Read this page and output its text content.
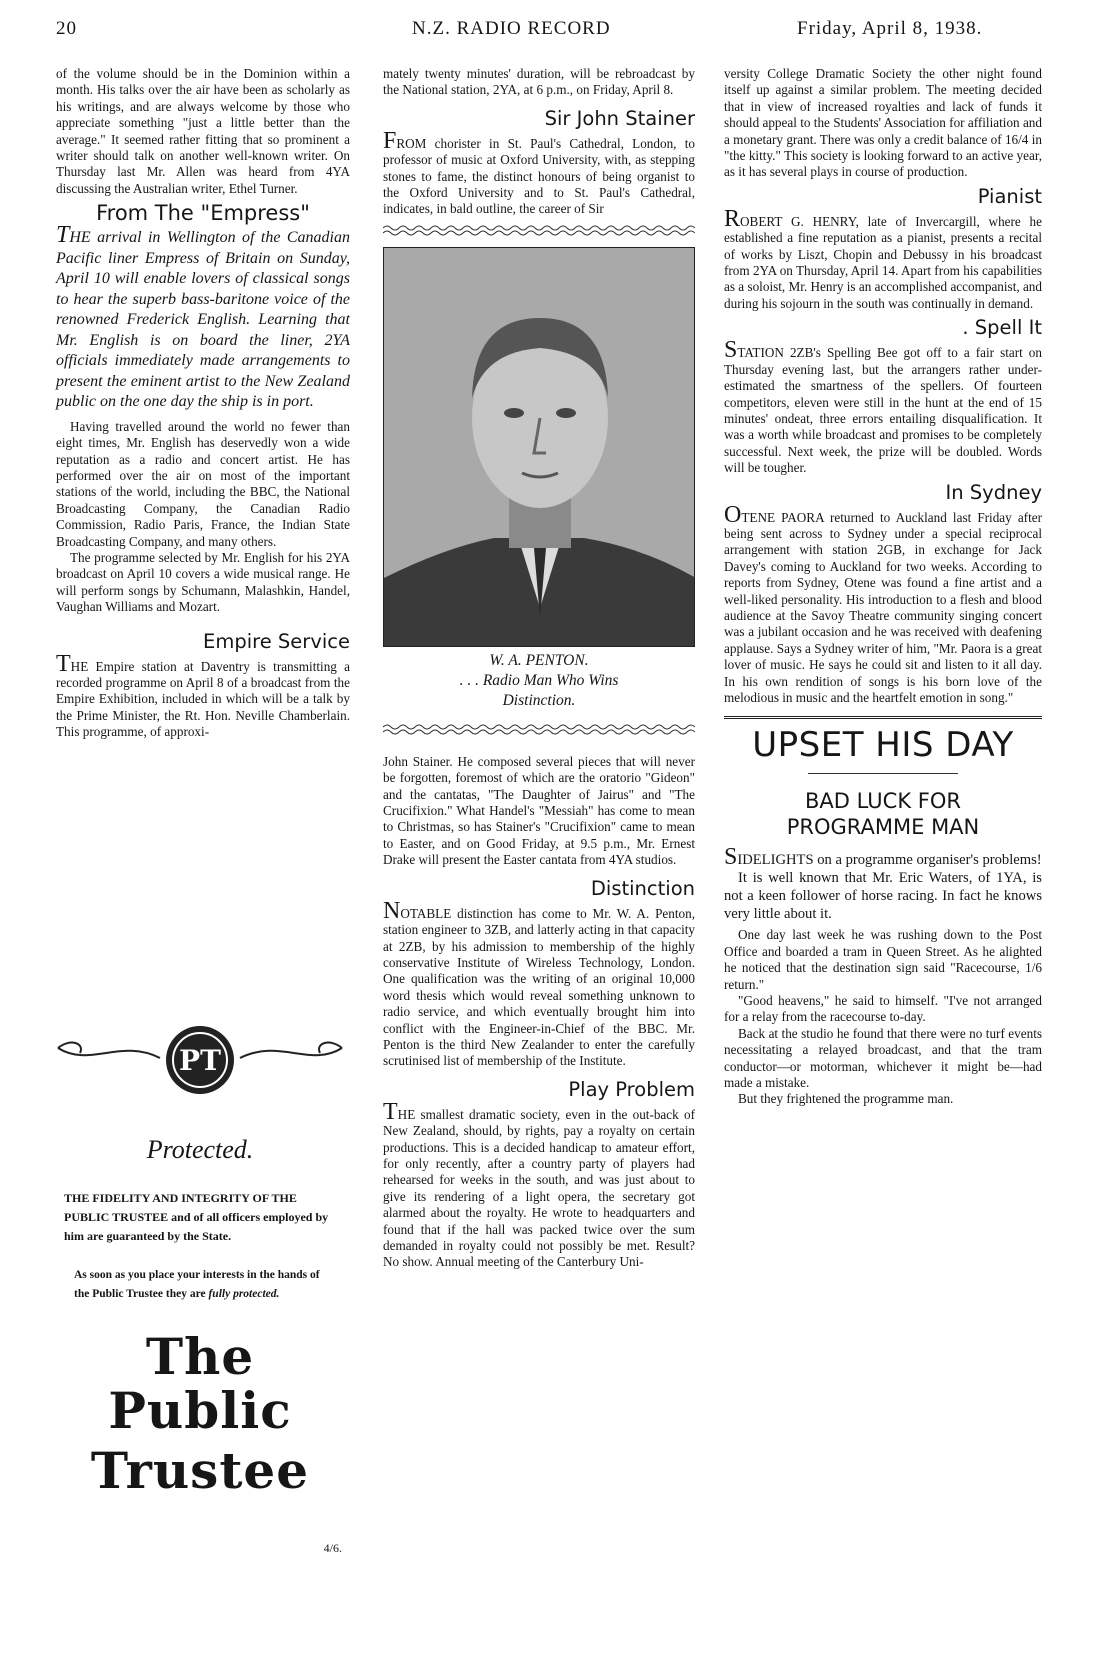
20	N.Z. RADIO RECORD	Friday, April 8, 1938.

of the volume should be in the Dominion within a month. His talks over the air have been as scholarly as his writings, and are always welcome by those who appreciate something "just a little better than the average." It seemed rather fitting that so prominent a writer should talk on another well-known writer. On Thursday last Mr. Allen was heard from 4YA discussing the Australian writer, Ethel Turner.

From The "Empress"

THE arrival in Wellington of the Canadian Pacific liner Empress of Britain on Sunday, April 10 will enable lovers of classical songs to hear the superb bass-baritone voice of the renowned Frederick English. Learning that Mr. English is on board the liner, 2YA officials immediately made arrangements to present the eminent artist to the New Zealand public on the one day the ship is in port.

Having travelled around the world no fewer than eight times, Mr. English has deservedly won a wide reputation as a radio and concert artist. He has performed over the air on most of the important stations of the world, including the BBC, the National Broadcasting Company, the Canadian Radio Commission, Radio Paris, France, the Indian State Broadcasting Company, and many others.

The programme selected by Mr. English for his 2YA broadcast on April 10 covers a wide musical range. He will perform songs by Schumann, Malashkin, Handel, Vaughan Williams and Mozart.

Empire Service

THE Empire station at Daventry is transmitting a recorded programme on April 8 of a broadcast from the Empire Exhibition, included in which will be a talk by the Prime Minister, the Rt. Hon. Neville Chamberlain. This programme, of approxi-

PT
Protected.

THE FIDELITY AND INTEGRITY OF THE PUBLIC TRUSTEE and of all officers employed by him are guaranteed by the State.

As soon as you place your interests in the hands of the Public Trustee they are fully protected.

The Public
Trustee
4/6.

mately twenty minutes' duration, will be rebroadcast by the National station, 2YA, at 6 p.m., on Friday, April 8.

Sir John Stainer

FROM chorister in St. Paul's Cathedral, London, to professor of music at Oxford University, with, as stepping stones to fame, the distinct honours of being organist to the Oxford University and to St. Paul's Cathedral, indicates, in bald outline, the career of Sir

W. A. PENTON.
. . . Radio Man Who Wins Distinction.

John Stainer. He composed several pieces that will never be forgotten, foremost of which are the oratorio "Gideon" and the cantatas, "The Daughter of Jairus" and "The Crucifixion." What Handel's "Messiah" has come to mean to Christmas, so has Stainer's "Crucifixion" came to mean to Easter, and on Good Friday, at 9.5 p.m., Mr. Ernest Drake will present the Easter cantata from 4YA studios.

Distinction

NOTABLE distinction has come to Mr. W. A. Penton, station engineer to 3ZB, and latterly acting in that capacity at 2ZB, by his admission to membership of the highly conservative Institute of Wireless Technology, London. One qualification was the writing of an original 10,000 word thesis which would reveal something unknown to radio service, and which eventually brought him into conflict with the Engineer-in-Chief of the BBC. Mr. Penton is the third New Zealander to enter the carefully scrutinised list of membership of the Institute.

Play Problem

THE smallest dramatic society, even in the out-back of New Zealand, should, by rights, pay a royalty on certain productions. This is a decided handicap to amateur effort, for only recently, after a country party of players had rehearsed for weeks in the south, and was just about to give its rendering of a light opera, the secretary got alarmed about the royalty. He wrote to headquarters and found that if the hall was packed twice over the sum demanded in royalty could not possibly be met. Result? No show. Annual meeting of the Canterbury Uni-

versity College Dramatic Society the other night found itself up against a similar problem. The meeting decided that in view of increased royalties and lack of funds it should appeal to the Students' Association for affiliation and a monetary grant. There was only a credit balance of 16/4 in "the kitty." This society is looking forward to an active year, as it has several plays in course of production.

Pianist

ROBERT G. HENRY, late of Invercargill, where he established a fine reputation as a pianist, presents a recital of works by Liszt, Chopin and Debussy in his broadcast from 2YA on Thursday, April 14. Apart from his capabilities as a soloist, Mr. Henry is an accomplished accompanist, and during his sojourn in the south was continually in demand.

. Spell It

STATION 2ZB's Spelling Bee got off to a fair start on Thursday evening last, but the arrangers rather under-estimated the smartness of the spellers. Of fourteen competitors, eleven were still in the hunt at the end of 15 minutes' ondeat, three errors entailing disqualification. It was a worth while broadcast and promises to be completely successful. Next week, the prize will be doubled. Words will be tougher.

In Sydney

OTENE PAORA returned to Auckland last Friday after being sent across to Sydney under a special reciprocal arrangement with station 2GB, in exchange for Jack Davey's coming to Auckland for two weeks. According to reports from Sydney, Otene was found a fine artist and a well-liked personality. His introduction to a flesh and blood audience at the Savoy Theatre community singing concert was a jubilant occasion and he was received with deafening applause. Says a Sydney writer of him, "Mr. Paora is a great lover of music. He says he could sit and listen to it all day. In his own rendition of songs is his born love of the melodious in music and the heartfelt emotion in song."

UPSET HIS DAY
BAD LUCK FOR
PROGRAMME MAN

SIDELIGHTS on a programme organiser's problems!

It is well known that Mr. Eric Waters, of 1YA, is not a keen follower of horse racing. In fact he knows very little about it.

One day last week he was rushing down to the Post Office and boarded a tram in Queen Street. As he alighted he noticed that the destination sign said "Racecourse, 1/6 return."

"Good heavens," he said to himself. "I've not arranged for a relay from the racecourse to-day.

Back at the studio he found that there were no turf events necessitating a relayed broadcast, and that the tram conductor—or motorman, whichever it might be—had made a mistake.

But they frightened the programme man.
